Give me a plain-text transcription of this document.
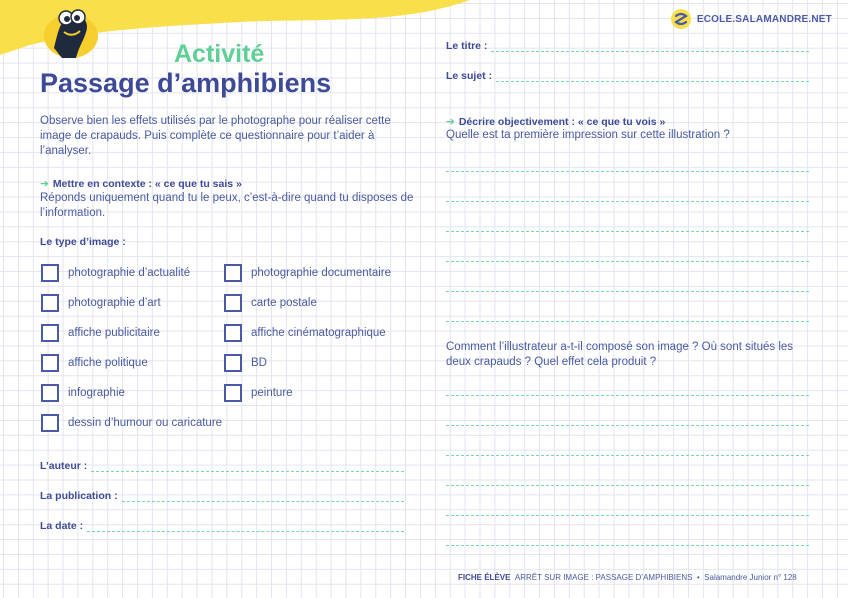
ECOLE.SALAMANDRE.NET
Activité
Passage d’amphibiens
Observe bien les effets utilisés par le photographe pour réaliser cette image de crapauds. Puis complète ce questionnaire pour t’aider à l’analyser.
➔ Mettre en contexte : « ce que tu sais »
Réponds uniquement quand tu le peux, c’est-à-dire quand tu disposes de l’information.
Le type d’image :
photographie d’actualité
photographie d’art
affiche publicitaire
affiche politique
infographie
dessin d’humour ou caricature
photographie documentaire
carte postale
affiche cinématographique
BD
peinture
L’auteur :
La publication :
La date :
Le titre :
Le sujet :
➔ Décrire objectivement : « ce que tu vois »
Quelle est ta première impression sur cette illustration ?
Comment l’illustrateur a-t-il composé son image ? Où sont situés les deux crapauds ? Quel effet cela produit ?
FICHE ÉLÈVE ARRÊT SUR IMAGE : PASSAGE D’AMPHIBIENS • Salamandre Junior n° 128
